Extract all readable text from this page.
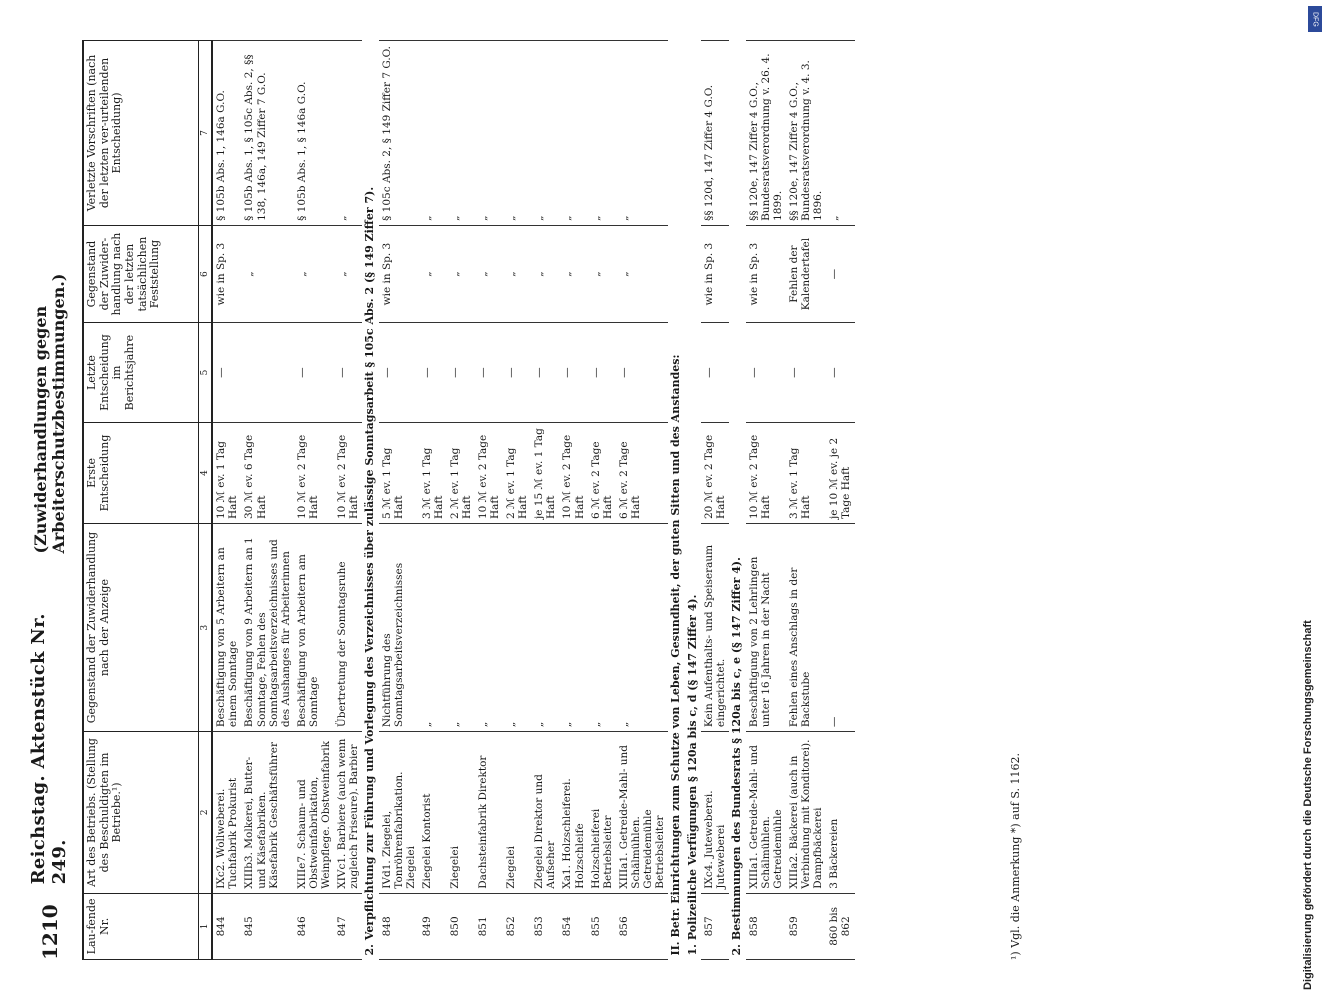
1210
Reichstag. Aktenstück Nr. 249.
(Zuwiderhandlungen gegen Arbeiterschutzbestimmungen.)
Lau-fende Nr.	Art des Betriebs. (Stellung des Beschuldigten im Betriebe.¹)	Gegenstand der Zuwiderhandlung nach der Anzeige	Erste Entscheidung	Letzte Entscheidung im Berichtsjahre	Gegenstand der Zuwider-handlung nach der letzten tatsächlichen Feststellung	Verletzte Vorschriften (nach der letzten ver-urteilenden Entscheidung)
1	2	3	4	5	6	7
844	IXc2. Wollweberei. Tuchfabrik Prokurist	Beschäftigung von 5 Arbeitern an einem Sonntage	10 ℳ ev. 1 Tag Haft	—	wie in Sp. 3	§ 105b Abs. 1, 146a G.O.
845	XIIIb3. Molkerei, Butter- und Käsefabriken. Käsefabrik Geschäftsführer	Beschäftigung von 9 Arbeitern an 1 Sonntage, Fehlen des Sonntagsarbeitsverzeichnisses und des Aushanges für Arbeiterinnen	30 ℳ ev. 6 Tage Haft		„	§ 105b Abs. 1, § 105c Abs. 2, §§ 138, 146a, 149 Ziffer 7 G.O.
846	XIIIe7. Schaum- und Obstweinfabrikation, Weinpflege. Obstweinfabrik	Beschäftigung von Arbeitern am Sonntage	10 ℳ ev. 2 Tage Haft	—	„	§ 105b Abs. 1, § 146a G.O.
847	XIVc1. Barbiere (auch wenn zugleich Friseure). Barbier	Übertretung der Sonntagsruhe	10 ℳ ev. 2 Tage Haft	—	„	„
2. Verpflichtung zur Führung und Vorlegung des Verzeichnisses über zulässige Sonntagsarbeit § 105c Abs. 2 (§ 149 Ziffer 7).						
848	IVd1. Ziegelei, Tonröhrenfabrikation. Ziegelei	Nichtführung des Sonntagsarbeitsverzeichnisses	5 ℳ ev. 1 Tag Haft	—	wie in Sp. 3	§ 105c Abs. 2, § 149 Ziffer 7 G.O.
849	Ziegelei Kontorist	„	3 ℳ ev. 1 Tag Haft	—	„	„
850	Ziegelei	„	2 ℳ ev. 1 Tag Haft	—	„	„
851	Dachsteinfabrik Direktor	„	10 ℳ ev. 2 Tage Haft	—	„	„
852	Ziegelei	„	2 ℳ ev. 1 Tag Haft	—	„	„
853	Ziegelei Direktor und Aufseher	„	je 15 ℳ ev. 1 Tag Haft	—	„	„
854	Xa1. Holzschleiferei. Holzschleife	„	10 ℳ ev. 2 Tage Haft	—	„	„
855	Holzschleiferei Betriebsleiter	„	6 ℳ ev. 2 Tage Haft	—	„	„
856	XIIIa1. Getreide-Mahl- und Schälmühlen. Getreidemühle Betriebsleiter	„	6 ℳ ev. 2 Tage Haft	—	„	„
II. Betr. Einrichtungen zum Schutze von Leben, Gesundheit, der guten Sitten und des Anstandes:						
1. Polizeiliche Verfügungen § 120a bis c, d (§ 147 Ziffer 4).						
857	IXc4. Juteweberei. Juteweberei	Kein Aufenthalts- und Speiseraum eingerichtet.	20 ℳ ev. 2 Tage Haft	—	wie in Sp. 3	§§ 120d, 147 Ziffer 4 G.O.
2. Bestimmungen des Bundesrats § 120a bis c, e (§ 147 Ziffer 4).						
858	XIIIa1. Getreide-Mahl- und Schälmühlen. Getreidemühle	Beschäftigung von 2 Lehrlingen unter 16 Jahren in der Nacht	10 ℳ ev. 2 Tage Haft	—	wie in Sp. 3	§§ 120e, 147 Ziffer 4 G.O., Bundesratsverordnung v. 26. 4. 1899.
859	XIIIa2. Bäckerei (auch in Verbindung mit Konditorei). Dampfbäckerei	Fehlen eines Anschlags in der Backstube	3 ℳ ev. 1 Tag Haft	—	Fehlen der Kalendertafel	§§ 120e, 147 Ziffer 4 G.O., Bundesratsverordnung v. 4. 3. 1896.
860 bis 862	3 Bäckereien	—	je 10 ℳ ev. je 2 Tage Haft	—	—	„
¹) Vgl. die Anmerkung *) auf S. 1162.
DFG
Digitalisierung gefördert durch die Deutsche Forschungsgemeinschaft
